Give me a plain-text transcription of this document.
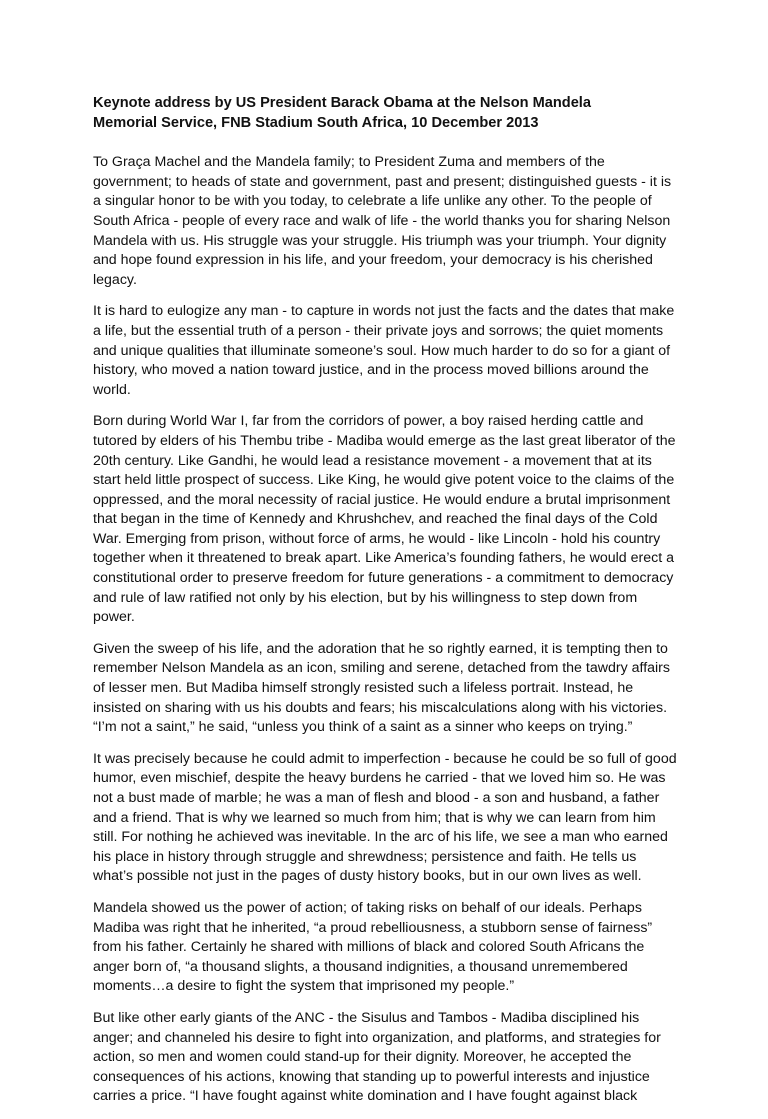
Keynote address by US President Barack Obama at the Nelson Mandela
Memorial Service, FNB Stadium South Africa, 10 December 2013

To Graça Machel and the Mandela family; to President Zuma and members of the government; to heads of state and government, past and present; distinguished guests - it is a singular honor to be with you today, to celebrate a life unlike any other. To the people of South Africa - people of every race and walk of life - the world thanks you for sharing Nelson Mandela with us. His struggle was your struggle. His triumph was your triumph. Your dignity and hope found expression in his life, and your freedom, your democracy is his cherished legacy.

It is hard to eulogize any man - to capture in words not just the facts and the dates that make a life, but the essential truth of a person - their private joys and sorrows; the quiet moments and unique qualities that illuminate someone’s soul. How much harder to do so for a giant of history, who moved a nation toward justice, and in the process moved billions around the world.

Born during World War I, far from the corridors of power, a boy raised herding cattle and tutored by elders of his Thembu tribe - Madiba would emerge as the last great liberator of the 20th century. Like Gandhi, he would lead a resistance movement - a movement that at its start held little prospect of success. Like King, he would give potent voice to the claims of the oppressed, and the moral necessity of racial justice. He would endure a brutal imprisonment that began in the time of Kennedy and Khrushchev, and reached the final days of the Cold War. Emerging from prison, without force of arms, he would - like Lincoln - hold his country together when it threatened to break apart. Like America’s founding fathers, he would erect a constitutional order to preserve freedom for future generations - a commitment to democracy and rule of law ratified not only by his election, but by his willingness to step down from power.

Given the sweep of his life, and the adoration that he so rightly earned, it is tempting then to remember Nelson Mandela as an icon, smiling and serene, detached from the tawdry affairs of lesser men. But Madiba himself strongly resisted such a lifeless portrait. Instead, he insisted on sharing with us his doubts and fears; his miscalculations along with his victories. “I’m not a saint,” he said, “unless you think of a saint as a sinner who keeps on trying.”

It was precisely because he could admit to imperfection - because he could be so full of good humor, even mischief, despite the heavy burdens he carried - that we loved him so. He was not a bust made of marble; he was a man of flesh and blood - a son and husband, a father and a friend. That is why we learned so much from him; that is why we can learn from him still. For nothing he achieved was inevitable. In the arc of his life, we see a man who earned his place in history through struggle and shrewdness; persistence and faith. He tells us what’s possible not just in the pages of dusty history books, but in our own lives as well.

Mandela showed us the power of action; of taking risks on behalf of our ideals. Perhaps Madiba was right that he inherited, “a proud rebelliousness, a stubborn sense of fairness” from his father. Certainly he shared with millions of black and colored South Africans the anger born of, “a thousand slights, a thousand indignities, a thousand unremembered moments…a desire to fight the system that imprisoned my people.”

But like other early giants of the ANC - the Sisulus and Tambos - Madiba disciplined his anger; and channeled his desire to fight into organization, and platforms, and strategies for action, so men and women could stand-up for their dignity. Moreover, he accepted the consequences of his actions, knowing that standing up to powerful interests and injustice carries a price. “I have fought against white domination and I have fought against black
